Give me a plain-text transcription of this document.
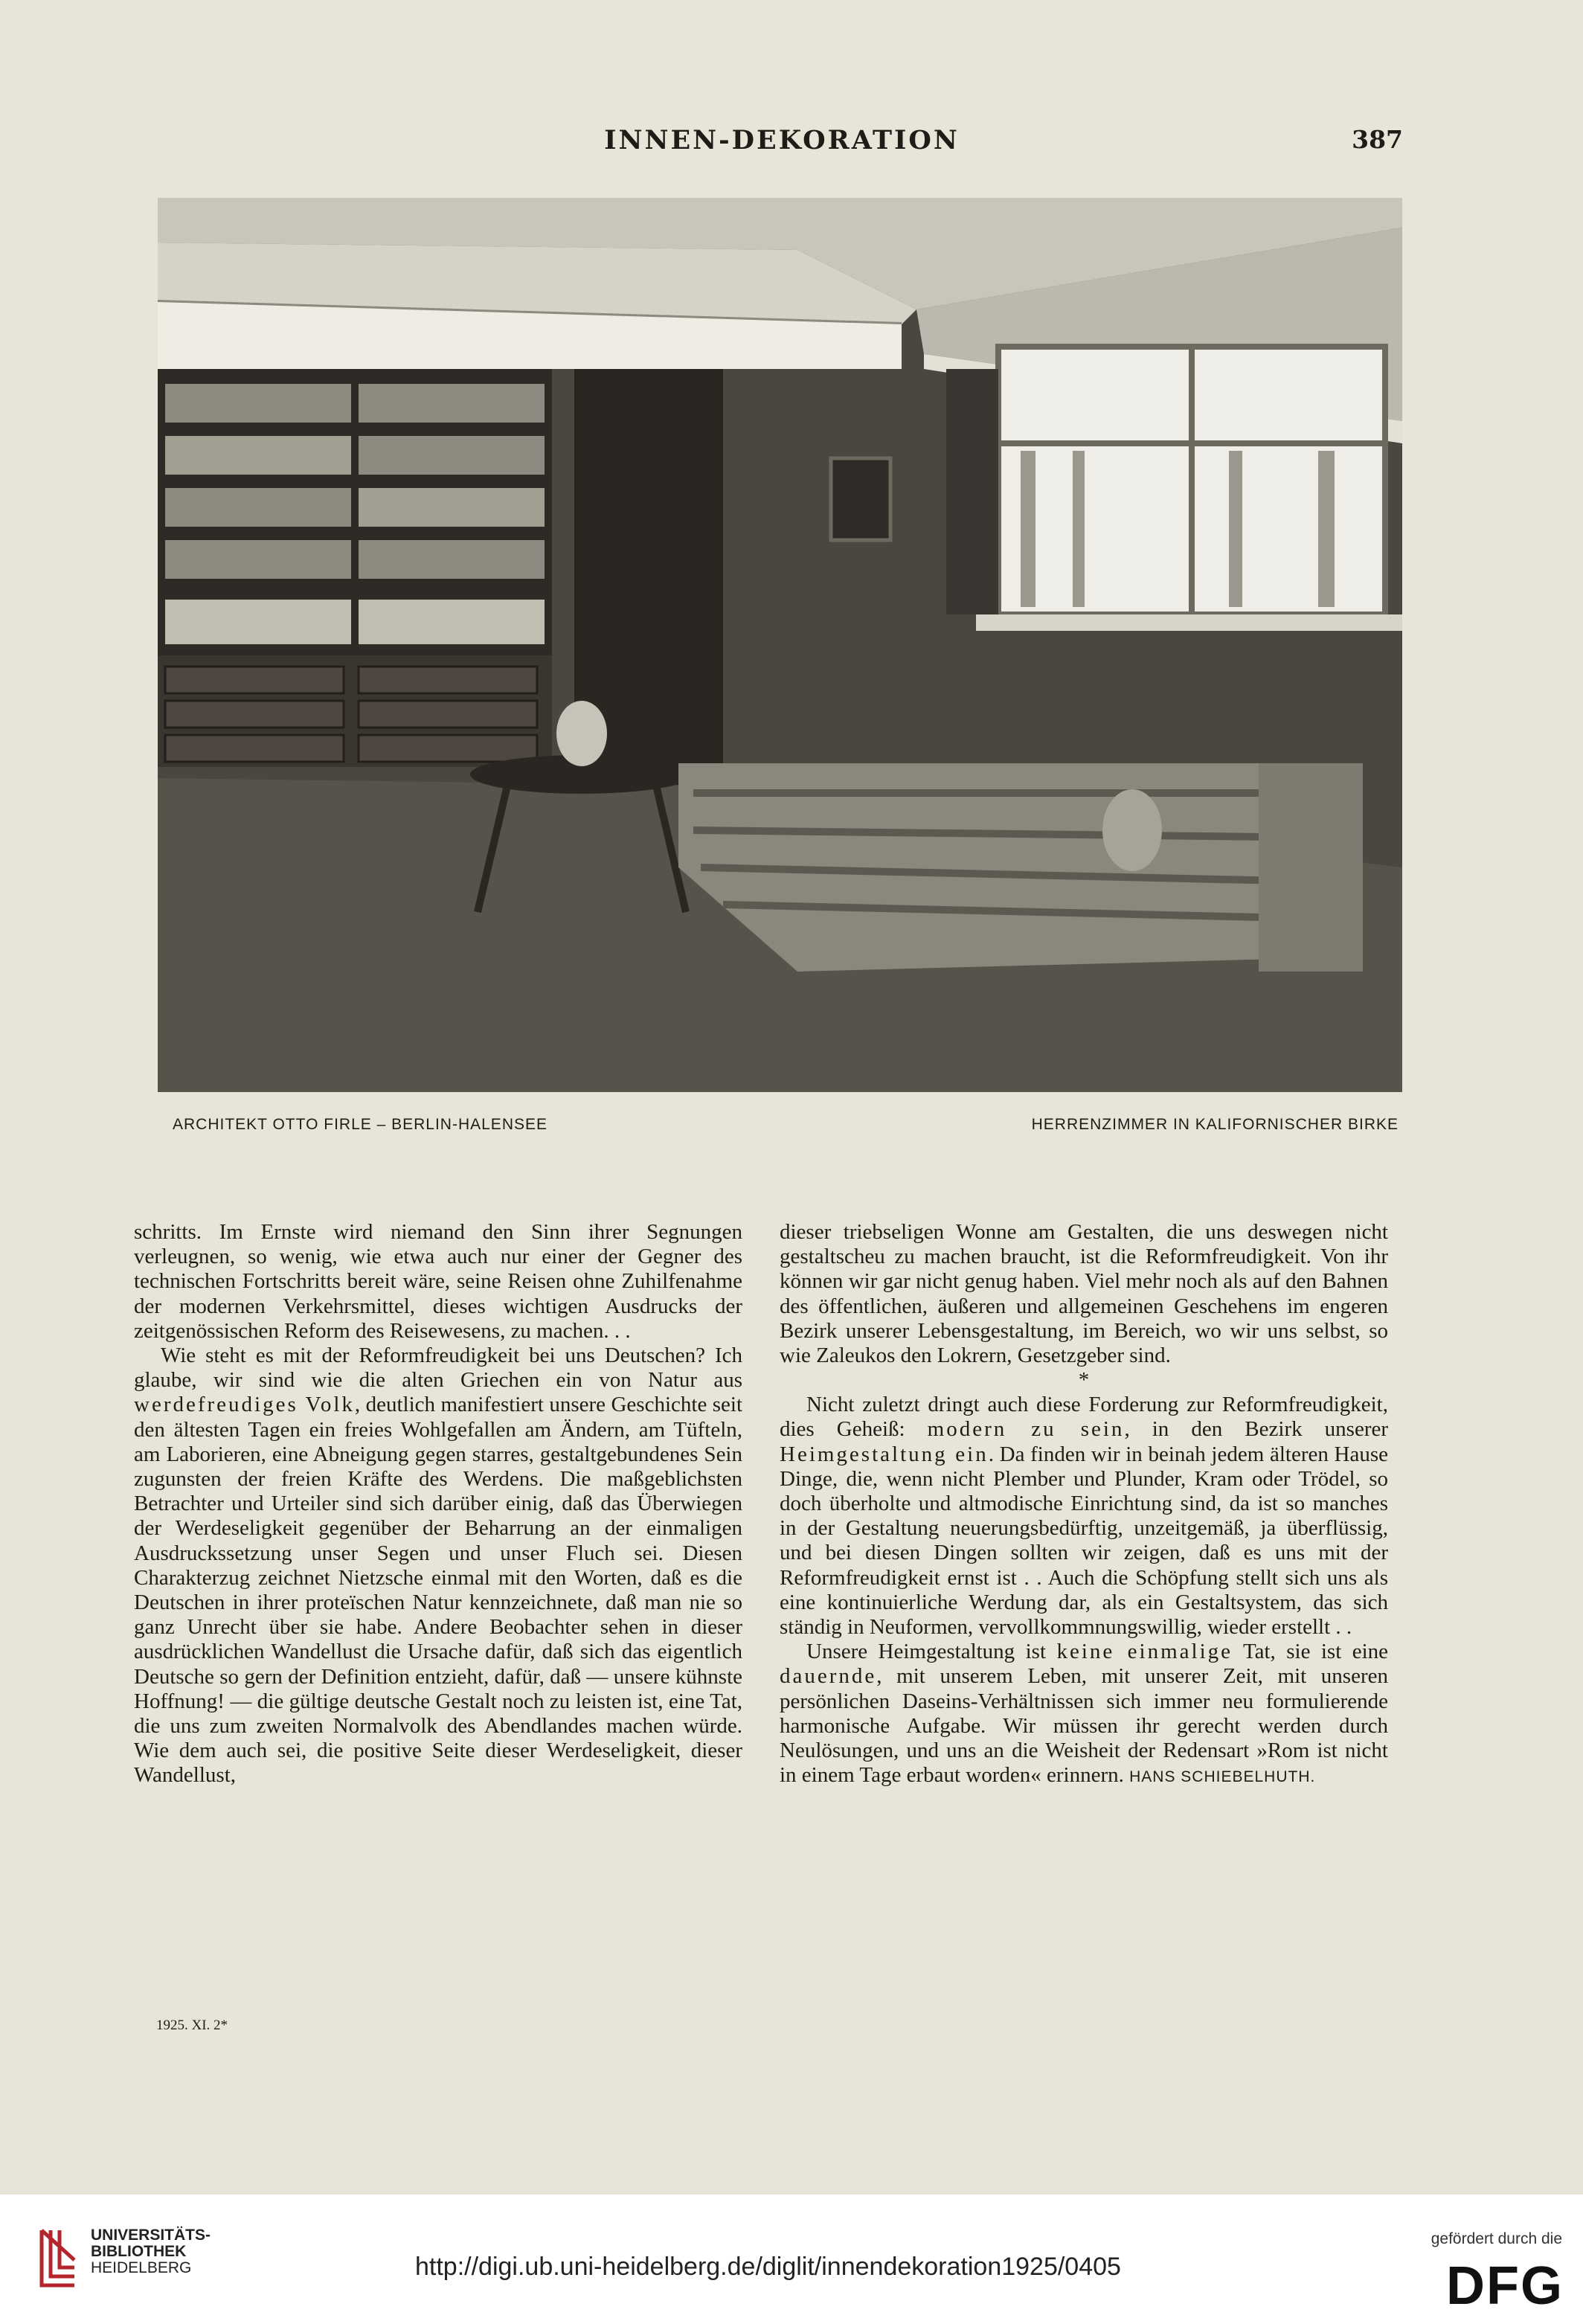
INNEN-DEKORATION	387
ARCHITEKT OTTO FIRLE – BERLIN-HALENSEE	HERRENZIMMER IN KALIFORNISCHER BIRKE

schritts. Im Ernste wird niemand den Sinn ihrer Segnungen verleugnen, so wenig, wie etwa auch nur einer der Gegner des technischen Fortschritts bereit wäre, seine Reisen ohne Zuhilfenahme der modernen Verkehrsmittel, dieses wichtigen Ausdrucks der zeitgenössischen Reform des Reisewesens, zu machen. . .

Wie steht es mit der Reformfreudigkeit bei uns Deutschen? Ich glaube, wir sind wie die alten Griechen ein von Natur aus werdefreudiges Volk, deutlich manifestiert unsere Geschichte seit den ältesten Tagen ein freies Wohlgefallen am Ändern, am Tüfteln, am Laborieren, eine Abneigung gegen starres, gestaltgebundenes Sein zugunsten der freien Kräfte des Werdens. Die maßgeblichsten Betrachter und Urteiler sind sich darüber einig, daß das Überwiegen der Werdeseligkeit gegenüber der Beharrung an der einmaligen Ausdruckssetzung unser Segen und unser Fluch sei. Diesen Charakterzug zeichnet Nietzsche einmal mit den Worten, daß es die Deutschen in ihrer proteïschen Natur kennzeichnete, daß man nie so ganz Unrecht über sie habe. Andere Beobachter sehen in dieser ausdrücklichen Wandellust die Ursache dafür, daß sich das eigentlich Deutsche so gern der Definition entzieht, dafür, daß — unsere kühnste Hoffnung! — die gültige deutsche Gestalt noch zu leisten ist, eine Tat, die uns zum zweiten Normalvolk des Abendlandes machen würde. Wie dem auch sei, die positive Seite dieser Werdeseligkeit, dieser Wandellust,

dieser triebseligen Wonne am Gestalten, die uns deswegen nicht gestaltscheu zu machen braucht, ist die Reformfreudigkeit. Von ihr können wir gar nicht genug haben. Viel mehr noch als auf den Bahnen des öffentlichen, äußeren und allgemeinen Geschehens im engeren Bezirk unserer Lebensgestaltung, im Bereich, wo wir uns selbst, so wie Zaleukos den Lokrern, Gesetzgeber sind.

*

Nicht zuletzt dringt auch diese Forderung zur Reformfreudigkeit, dies Geheiß: modern zu sein, in den Bezirk unserer Heimgestaltung ein. Da finden wir in beinah jedem älteren Hause Dinge, die, wenn nicht Plember und Plunder, Kram oder Trödel, so doch überholte und altmodische Einrichtung sind, da ist so manches in der Gestaltung neuerungsbedürftig, unzeitgemäß, ja überflüssig, und bei diesen Dingen sollten wir zeigen, daß es uns mit der Reformfreudigkeit ernst ist . . Auch die Schöpfung stellt sich uns als eine kontinuierliche Werdung dar, als ein Gestaltsystem, das sich ständig in Neuformen, vervollkommnungswillig, wieder erstellt . .

Unsere Heimgestaltung ist keine einmalige Tat, sie ist eine dauernde, mit unserem Leben, mit unserer Zeit, mit unseren persönlichen Daseins-Verhältnissen sich immer neu formulierende harmonische Aufgabe. Wir müssen ihr gerecht werden durch Neulösungen, und uns an die Weisheit der Redensart »Rom ist nicht in einem Tage erbaut worden« erinnern. HANS SCHIEBELHUTH.

1925. XI. 2*
UNIVERSITÄTS-
BIBLIOTHEK
HEIDELBERG	http://digi.ub.uni-heidelberg.de/diglit/innendekoration1925/0405
gefördert durch die
DFG
